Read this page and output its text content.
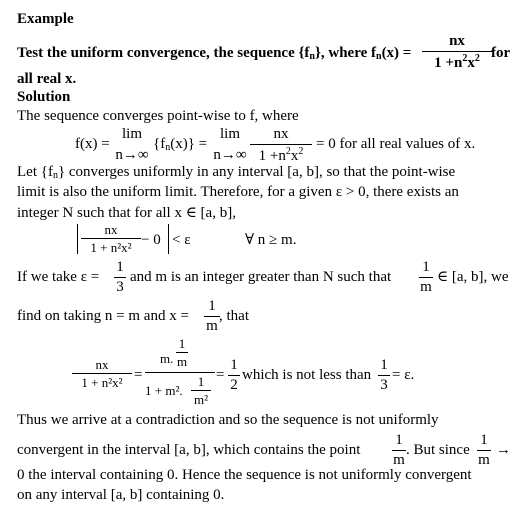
Example
Test the uniform convergence, the sequence $\{f_n\}$, where $f_n(x)$ =
nx
$1 +n^2x^2$ for
all real x.
Solution
The sequence converges point-wise to f, where
f(x) =
lim
n→∞
$\{f_n(x)\}$ =
lim
n→∞
nx
$1 +n^2x^2 = 0$ for all real values of x.
Let $\{f_n\}$ converges uniformly in any interval [a, b], so that the point-wise
limit is also the uniform limit. Therefore, for a given ε > 0, there exists an
integer N such that for all x ∈ [a, b],
nx
1 + n²x² − 0 < ε	∀ n ≥ m.
If we take ε =
1
3
and m is an integer greater than N such that
1
m
∈ [a, b], we
find on taking n = m and x =
1
m
, that
nx
1 + n²x² =
m.
1
m
1 + m².
1
m²
=
1
2
which is not less than
1
3
= ε.
Thus we arrive at a contradiction and so the sequence is not uniformly
convergent in the interval [a, b], which contains the point
1
m
. But since
1
m
→
0 the interval containing 0. Hence the sequence is not uniformly convergent
on any interval [a, b] containing 0.
